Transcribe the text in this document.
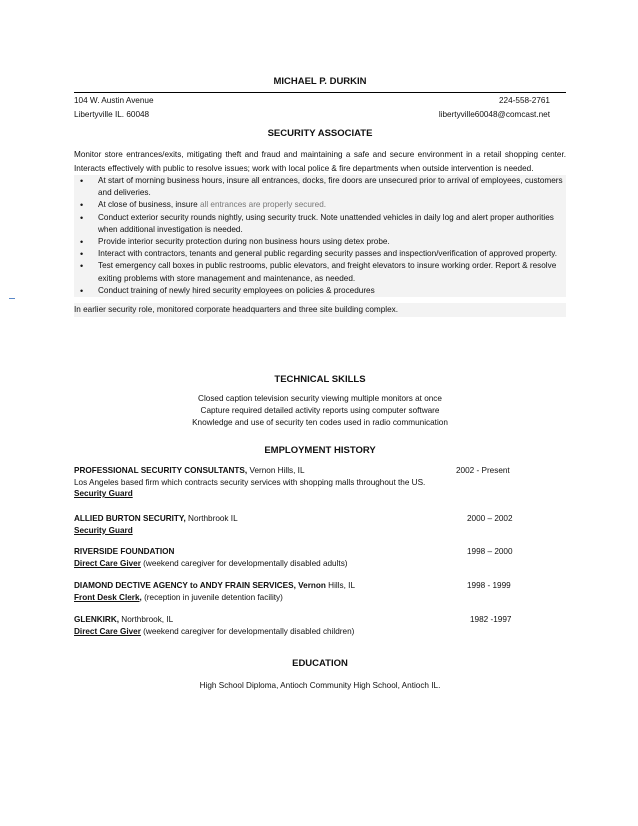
MICHAEL P. DURKIN
104 W. Austin Avenue	224-558-2761
Libertyville IL. 60048	libertyville60048@comcast.net
SECURITY ASSOCIATE
Monitor store entrances/exits, mitigating theft and fraud and maintaining a safe and secure environment in a retail shopping center. Interacts effectively with public to resolve issues; work with local police & fire departments when outside intervention is needed.
• At start of morning business hours, insure all entrances, docks, fire doors are unsecured prior to arrival of employees, customers and deliveries.
• At close of business, insure all entrances are properly secured.
• Conduct exterior security rounds nightly, using security truck. Note unattended vehicles in daily log and alert proper authorities when additional investigation is needed.
• Provide interior security protection during non business hours using detex probe.
• Interact with contractors, tenants and general public regarding security passes and inspection/verification of approved property.
• Test emergency call boxes in public restrooms, public elevators, and freight elevators to insure working order. Report & resolve exiting problems with store management and maintenance, as needed.
• Conduct training of newly hired security employees on policies & procedures
In earlier security role, monitored corporate headquarters and three site building complex.
TECHNICAL SKILLS
Closed caption television security viewing multiple monitors at once
Capture required detailed activity reports using computer software
Knowledge and use of security ten codes used in radio communication
EMPLOYMENT HISTORY
PROFESSIONAL SECURITY CONSULTANTS, Vernon Hills, IL	2002 - Present
Los Angeles based firm which contracts security services with shopping malls throughout the US.
Security Guard
ALLIED BURTON SECURITY, Northbrook IL	2000 – 2002
Security Guard
RIVERSIDE FOUNDATION	1998 – 2000
Direct Care Giver (weekend caregiver for developmentally disabled adults)
DIAMOND DECTIVE AGENCY to ANDY FRAIN SERVICES, Vernon Hills, IL	1998 - 1999
Front Desk Clerk, (reception in juvenile detention facility)
GLENKIRK, Northbrook, IL	1982 -1997
Direct Care Giver (weekend caregiver for developmentally disabled children)
EDUCATION
High School Diploma, Antioch Community High School, Antioch IL.
